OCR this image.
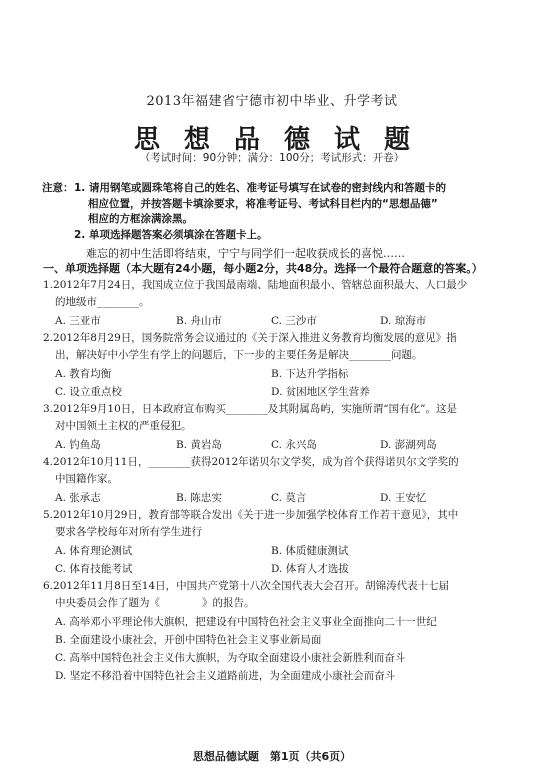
2013年福建省宁德市初中毕业、升学考试
思想品德试题
（考试时间：90分钟；满分：100分；考试形式：开卷）
注意： 1. 请用钢笔或圆珠笔将自己的姓名、准考证号填写在试卷的密封线内和答题卡的
相应位置，并按答题卡填涂要求，将准考证号、考试科目栏内的“思想品德”
相应的方框涂满涂黑。
2. 单项选择题答案必须填涂在答题卡上。
难忘的初中生活即将结束，宁宁与同学们一起收获成长的喜悦……
一、单项选择题（本大题有24小题，每小题2分，共48分。选择一个最符合题意的答案。）
1.2012年7月24日，我国成立位于我国最南端、陆地面积最小、管辖总面积最大、人口最少
的地级市________。
A. 三亚市	B. 舟山市	C. 三沙市	D. 琼海市
2.2012年8月29日，国务院常务会议通过的《关于深入推进义务教育均衡发展的意见》指
出，解决好中小学生有学上的问题后，下一步的主要任务是解决________问题。
A. 教育均衡	B. 下达升学指标
C. 设立重点校	D. 贫困地区学生营养
3.2012年9月10日，日本政府宣布购买________及其附属岛屿，实施所谓“国有化”。这是
对中国领土主权的严重侵犯。
A. 钓鱼岛	B. 黄岩岛	C. 永兴岛	D. 澎湖列岛
4.2012年10月11日，________获得2012年诺贝尔文学奖，成为首个获得诺贝尔文学奖的
中国籍作家。
A. 张承志	B. 陈忠实	C. 莫言	D. 王安忆
5.2012年10月29日，教育部等联合发出《关于进一步加强学校体育工作若干意见》，其中
要求各学校每年对所有学生进行
A. 体育理论测试	B. 体质健康测试
C. 体育技能考试	D. 体育人才选拔
6.2012年11月8日至14日，中国共产党第十八次全国代表大会召开。胡锦涛代表十七届
中央委员会作了题为《　　　　》的报告。
A. 高举邓小平理论伟大旗帜，把建设有中国特色社会主义事业全面推向二十一世纪
B. 全面建设小康社会，开创中国特色社会主义事业新局面
C. 高举中国特色社会主义伟大旗帜，为夺取全面建设小康社会新胜利而奋斗
D. 坚定不移沿着中国特色社会主义道路前进，为全面建成小康社会而奋斗
思想品德试题　第1页（共6页）
